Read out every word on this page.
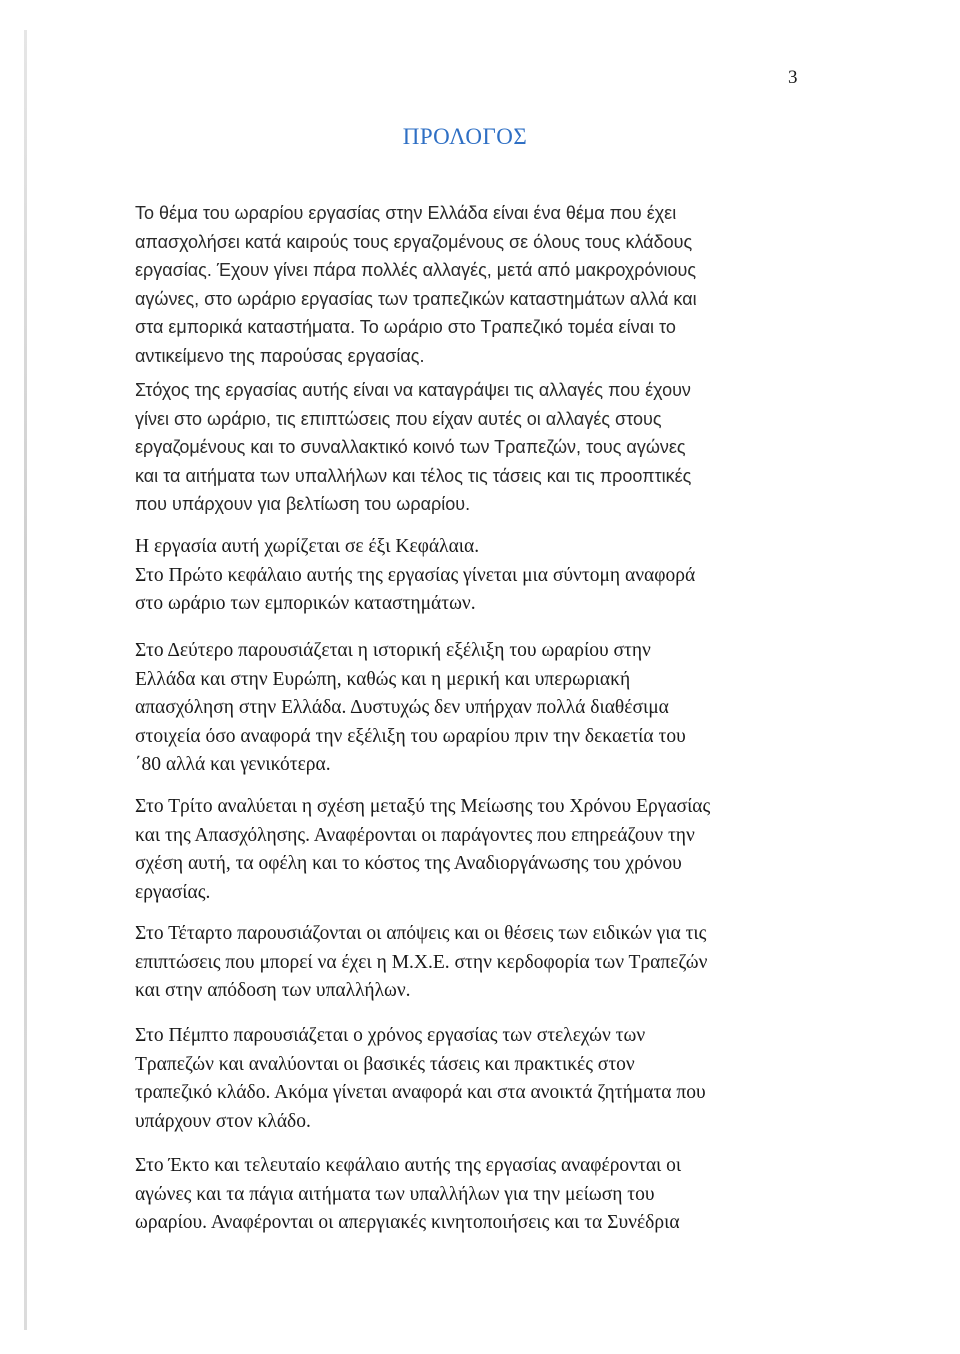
3
ΠΡΟΛΟΓΟΣ
Το θέμα του ωραρίου εργασίας στην Ελλάδα είναι ένα θέμα που έχει
απασχολήσει κατά καιρούς τους εργαζομένους σε όλους τους κλάδους
εργασίας. Έχουν γίνει πάρα πολλές αλλαγές, μετά από μακροχρόνιους
αγώνες, στο ωράριο εργασίας των τραπεζικών καταστημάτων αλλά και
στα εμπορικά καταστήματα. Το ωράριο στο Τραπεζικό τομέα είναι το
αντικείμενο της παρούσας εργασίας.
Στόχος της εργασίας αυτής είναι να καταγράψει τις αλλαγές που έχουν
γίνει στο ωράριο, τις επιπτώσεις που είχαν αυτές οι αλλαγές στους
εργαζομένους και το συναλλακτικό κοινό των Τραπεζών, τους αγώνες
και τα αιτήματα των υπαλλήλων και τέλος τις τάσεις και τις προοπτικές
που υπάρχουν για βελτίωση του ωραρίου.
Η εργασία αυτή χωρίζεται σε έξι Κεφάλαια.
Στο Πρώτο κεφάλαιο αυτής της εργασίας γίνεται μια σύντομη αναφορά
στο ωράριο των εμπορικών καταστημάτων.
Στο Δεύτερο παρουσιάζεται η ιστορική εξέλιξη του ωραρίου στην
Ελλάδα και στην Ευρώπη, καθώς και η μερική και υπερωριακή
απασχόληση στην Ελλάδα. Δυστυχώς δεν υπήρχαν πολλά διαθέσιμα
στοιχεία όσο αναφορά την εξέλιξη του ωραρίου πριν την δεκαετία του
΄80 αλλά και γενικότερα.
Στο Τρίτο αναλύεται η σχέση μεταξύ της Μείωσης του Χρόνου Εργασίας
και της Απασχόλησης. Αναφέρονται οι παράγοντες που επηρεάζουν την
σχέση αυτή, τα οφέλη και το κόστος της Αναδιοργάνωσης του χρόνου
εργασίας.
Στο Τέταρτο παρουσιάζονται οι απόψεις και οι θέσεις των ειδικών για τις
επιπτώσεις που μπορεί να έχει η Μ.Χ.Ε. στην κερδοφορία των Τραπεζών
και στην απόδοση των υπαλλήλων.
Στο Πέμπτο παρουσιάζεται ο χρόνος εργασίας των στελεχών των
Τραπεζών και αναλύονται οι βασικές τάσεις και πρακτικές στον
τραπεζικό κλάδο. Ακόμα γίνεται αναφορά και στα ανοικτά ζητήματα που
υπάρχουν στον κλάδο.
Στο Έκτο και τελευταίο κεφάλαιο αυτής της εργασίας αναφέρονται οι
αγώνες και τα πάγια αιτήματα των υπαλλήλων για την μείωση του
ωραρίου. Αναφέρονται οι απεργιακές κινητοποιήσεις και τα Συνέδρια
